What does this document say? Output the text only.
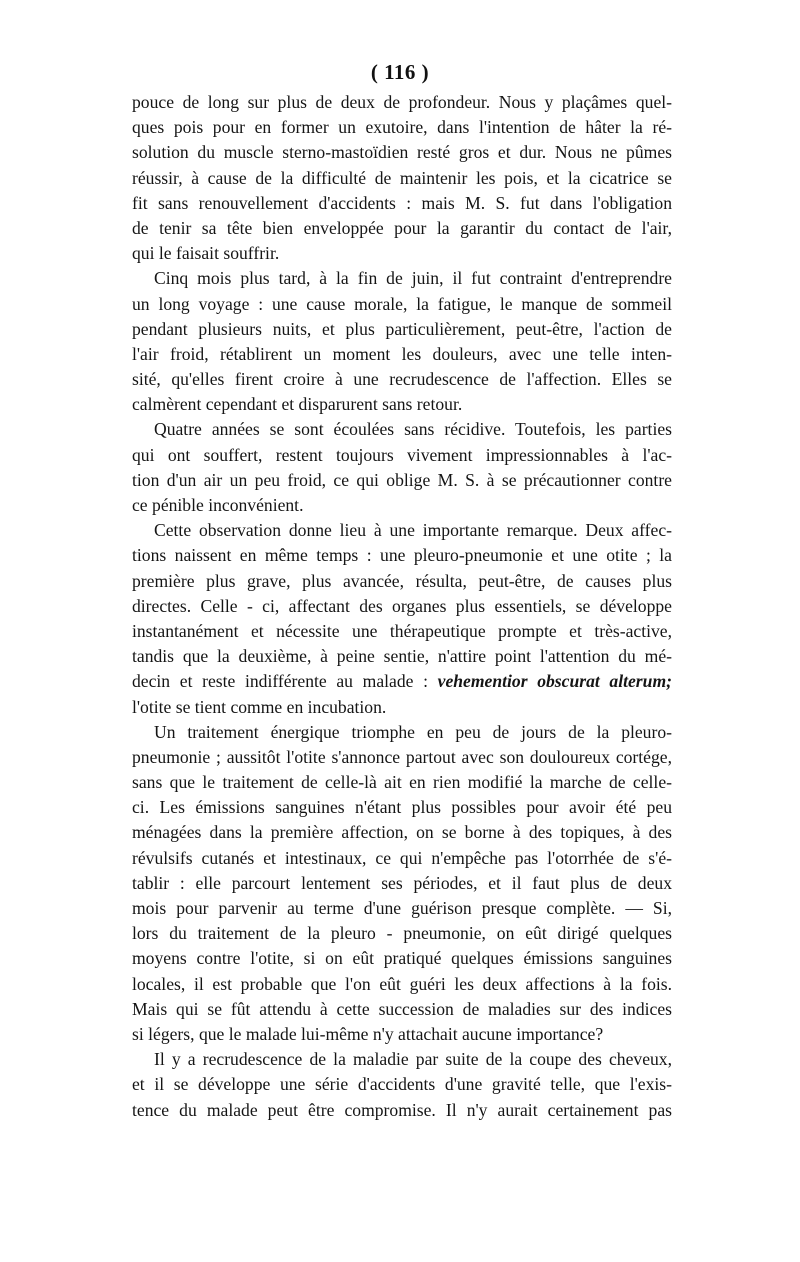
( 116 )
pouce de long sur plus de deux de profondeur. Nous y plaçâmes quel-
ques pois pour en former un exutoire, dans l'intention de hâter la ré-
solution du muscle sterno-mastoïdien resté gros et dur. Nous ne pûmes
réussir, à cause de la difficulté de maintenir les pois, et la cicatrice se
fit sans renouvellement d'accidents : mais M. S. fut dans l'obligation
de tenir sa tête bien enveloppée pour la garantir du contact de l'air,
qui le faisait souffrir.
Cinq mois plus tard, à la fin de juin, il fut contraint d'entreprendre
un long voyage : une cause morale, la fatigue, le manque de sommeil
pendant plusieurs nuits, et plus particulièrement, peut-être, l'action de
l'air froid, rétablirent un moment les douleurs, avec une telle inten-
sité, qu'elles firent croire à une recrudescence de l'affection. Elles se
calmèrent cependant et disparurent sans retour.
Quatre années se sont écoulées sans récidive. Toutefois, les parties
qui ont souffert, restent toujours vivement impressionnables à l'ac-
tion d'un air un peu froid, ce qui oblige M. S. à se précautionner contre
ce pénible inconvénient.
Cette observation donne lieu à une importante remarque. Deux affec-
tions naissent en même temps : une pleuro-pneumonie et une otite ; la
première plus grave, plus avancée, résulta, peut-être, de causes plus
directes. Celle - ci, affectant des organes plus essentiels, se développe
instantanément et nécessite une thérapeutique prompte et très-active,
tandis que la deuxième, à peine sentie, n'attire point l'attention du mé-
decin et reste indifférente au malade : vehementior obscurat alterum;
l'otite se tient comme en incubation.
Un traitement énergique triomphe en peu de jours de la pleuro-
pneumonie ; aussitôt l'otite s'annonce partout avec son douloureux cortége,
sans que le traitement de celle-là ait en rien modifié la marche de celle-
ci. Les émissions sanguines n'étant plus possibles pour avoir été peu
ménagées dans la première affection, on se borne à des topiques, à des
révulsifs cutanés et intestinaux, ce qui n'empêche pas l'otorrhée de s'é-
tablir : elle parcourt lentement ses périodes, et il faut plus de deux
mois pour parvenir au terme d'une guérison presque complète. — Si,
lors du traitement de la pleuro - pneumonie, on eût dirigé quelques
moyens contre l'otite, si on eût pratiqué quelques émissions sanguines
locales, il est probable que l'on eût guéri les deux affections à la fois.
Mais qui se fût attendu à cette succession de maladies sur des indices
si légers, que le malade lui-même n'y attachait aucune importance?
Il y a recrudescence de la maladie par suite de la coupe des cheveux,
et il se développe une série d'accidents d'une gravité telle, que l'exis-
tence du malade peut être compromise. Il n'y aurait certainement pas
